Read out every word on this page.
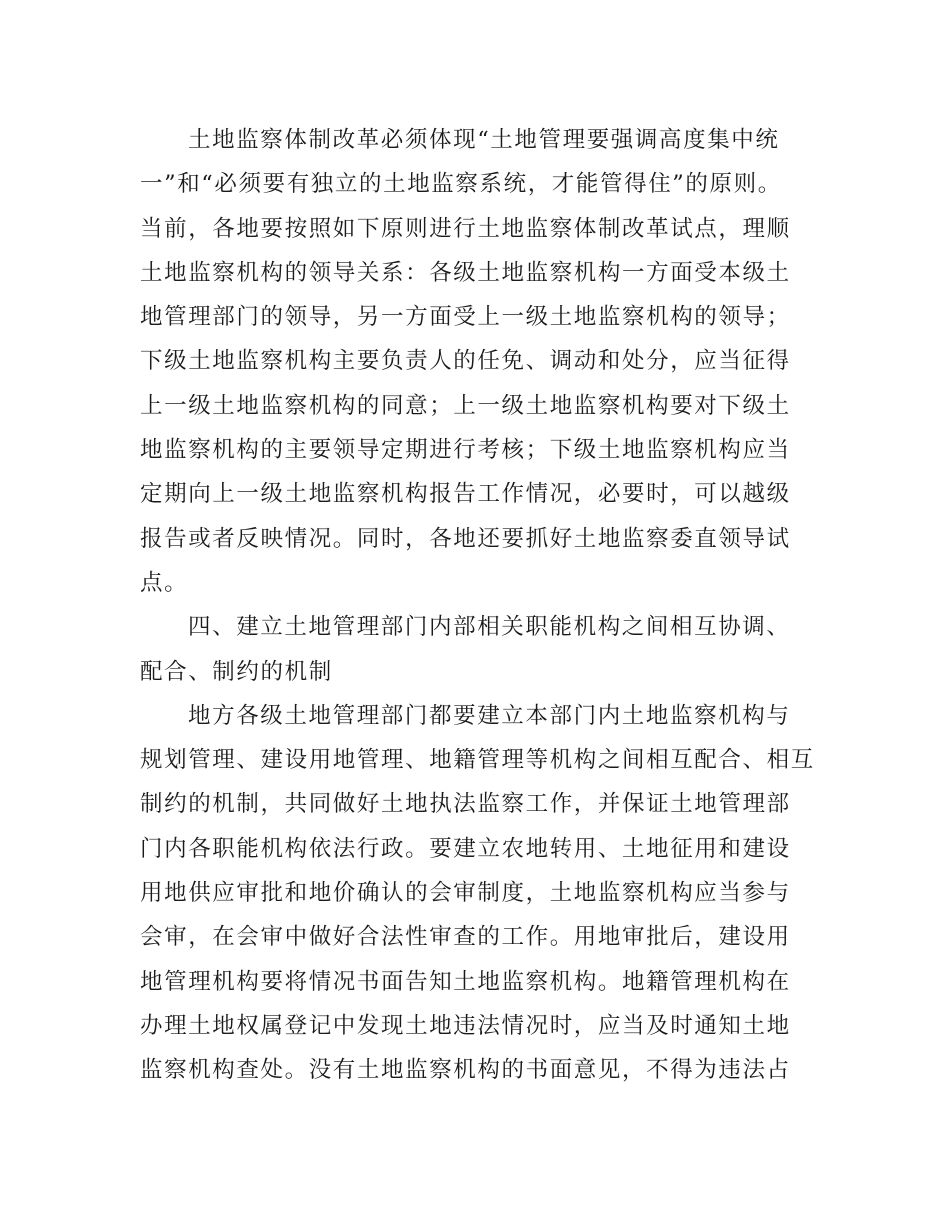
土地监察体制改革必须体现“土地管理要强调高度集中统
一”和“必须要有独立的土地监察系统，才能管得住”的原则。
当前，各地要按照如下原则进行土地监察体制改革试点，理顺
土地监察机构的领导关系：各级土地监察机构一方面受本级土
地管理部门的领导，另一方面受上一级土地监察机构的领导；
下级土地监察机构主要负责人的任免、调动和处分，应当征得
上一级土地监察机构的同意；上一级土地监察机构要对下级土
地监察机构的主要领导定期进行考核；下级土地监察机构应当
定期向上一级土地监察机构报告工作情况，必要时，可以越级
报告或者反映情况。同时，各地还要抓好土地监察委直领导试
点。
四、建立土地管理部门内部相关职能机构之间相互协调、
配合、制约的机制
地方各级土地管理部门都要建立本部门内土地监察机构与
规划管理、建设用地管理、地籍管理等机构之间相互配合、相互
制约的机制，共同做好土地执法监察工作，并保证土地管理部
门内各职能机构依法行政。要建立农地转用、土地征用和建设
用地供应审批和地价确认的会审制度，土地监察机构应当参与
会审，在会审中做好合法性审查的工作。用地审批后，建设用
地管理机构要将情况书面告知土地监察机构。地籍管理机构在
办理土地权属登记中发现土地违法情况时，应当及时通知土地
监察机构查处。没有土地监察机构的书面意见，不得为违法占
